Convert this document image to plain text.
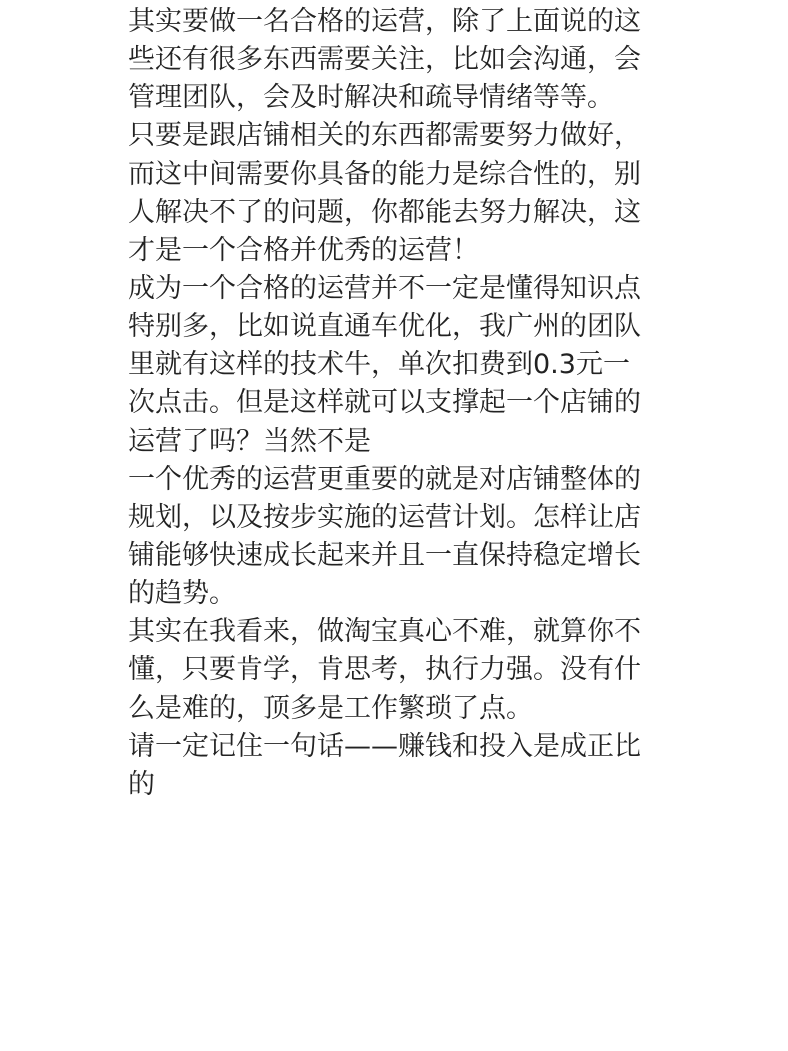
其实要做一名合格的运营，除了上面说的这
些还有很多东西需要关注，比如会沟通，会
管理团队，会及时解决和疏导情绪等等。
只要是跟店铺相关的东西都需要努力做好，
而这中间需要你具备的能力是综合性的，别
人解决不了的问题，你都能去努力解决，这
才是一个合格并优秀的运营！
成为一个合格的运营并不一定是懂得知识点
特别多，比如说直通车优化，我广州的团队
里就有这样的技术牛，单次扣费到0.3元一
次点击。但是这样就可以支撑起一个店铺的
运营了吗？当然不是
一个优秀的运营更重要的就是对店铺整体的
规划，以及按步实施的运营计划。怎样让店
铺能够快速成长起来并且一直保持稳定增长
的趋势。
其实在我看来，做淘宝真心不难，就算你不
懂，只要肯学，肯思考，执行力强。没有什
么是难的，顶多是工作繁琐了点。
请一定记住一句话——赚钱和投入是成正比
的
